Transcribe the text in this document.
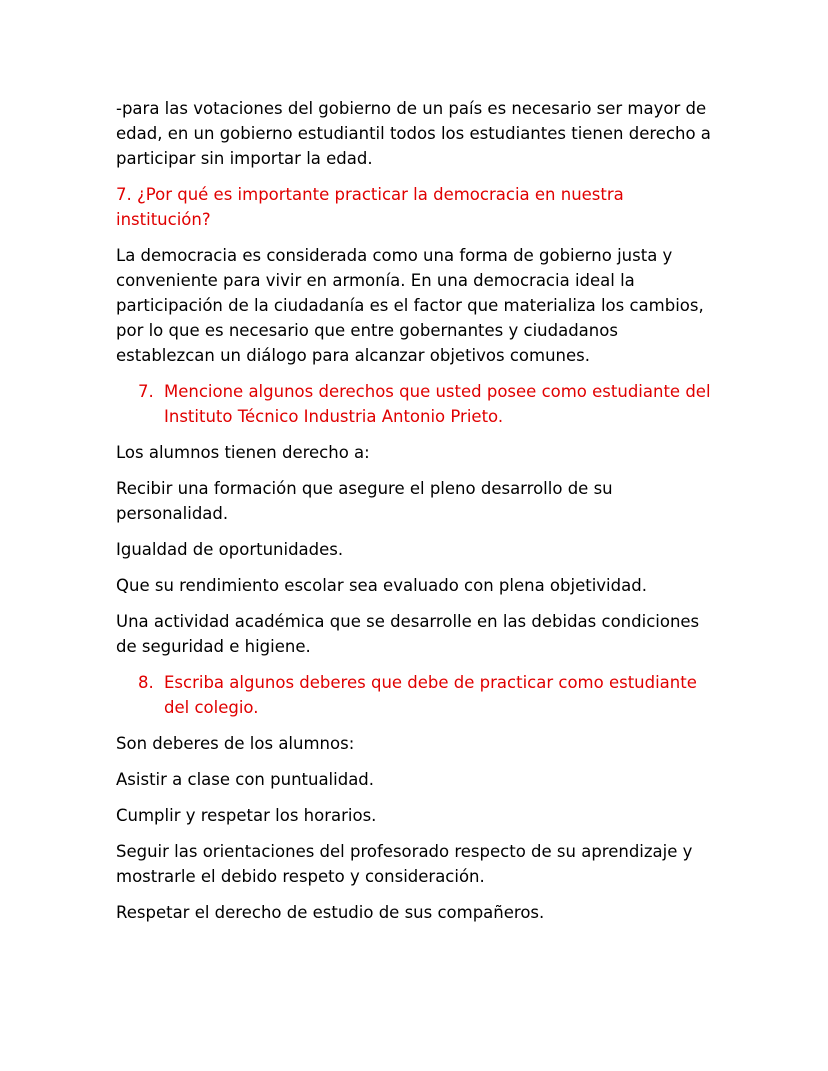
-para las votaciones del gobierno de un país es necesario ser mayor de edad, en un gobierno estudiantil todos los estudiantes tienen derecho a participar sin importar la edad.

7. ¿Por qué es importante practicar la democracia en nuestra institución?

La democracia es considerada como una forma de gobierno justa y conveniente para vivir en armonía. En una democracia ideal la participación de la ciudadanía es el factor que materializa los cambios, por lo que es necesario que entre gobernantes y ciudadanos establezcan un diálogo para alcanzar objetivos comunes.

7. Mencione algunos derechos que usted posee como estudiante del Instituto Técnico Industria Antonio Prieto.

Los alumnos tienen derecho a:

Recibir una formación que asegure el pleno desarrollo de su personalidad.

Igualdad de oportunidades.

Que su rendimiento escolar sea evaluado con plena objetividad.

Una actividad académica que se desarrolle en las debidas condiciones de seguridad e higiene.

8. Escriba algunos deberes que debe de practicar como estudiante del colegio.

Son deberes de los alumnos:

Asistir a clase con puntualidad.

Cumplir y respetar los horarios.

Seguir las orientaciones del profesorado respecto de su aprendizaje y mostrarle el debido respeto y consideración.

Respetar el derecho de estudio de sus compañeros.
